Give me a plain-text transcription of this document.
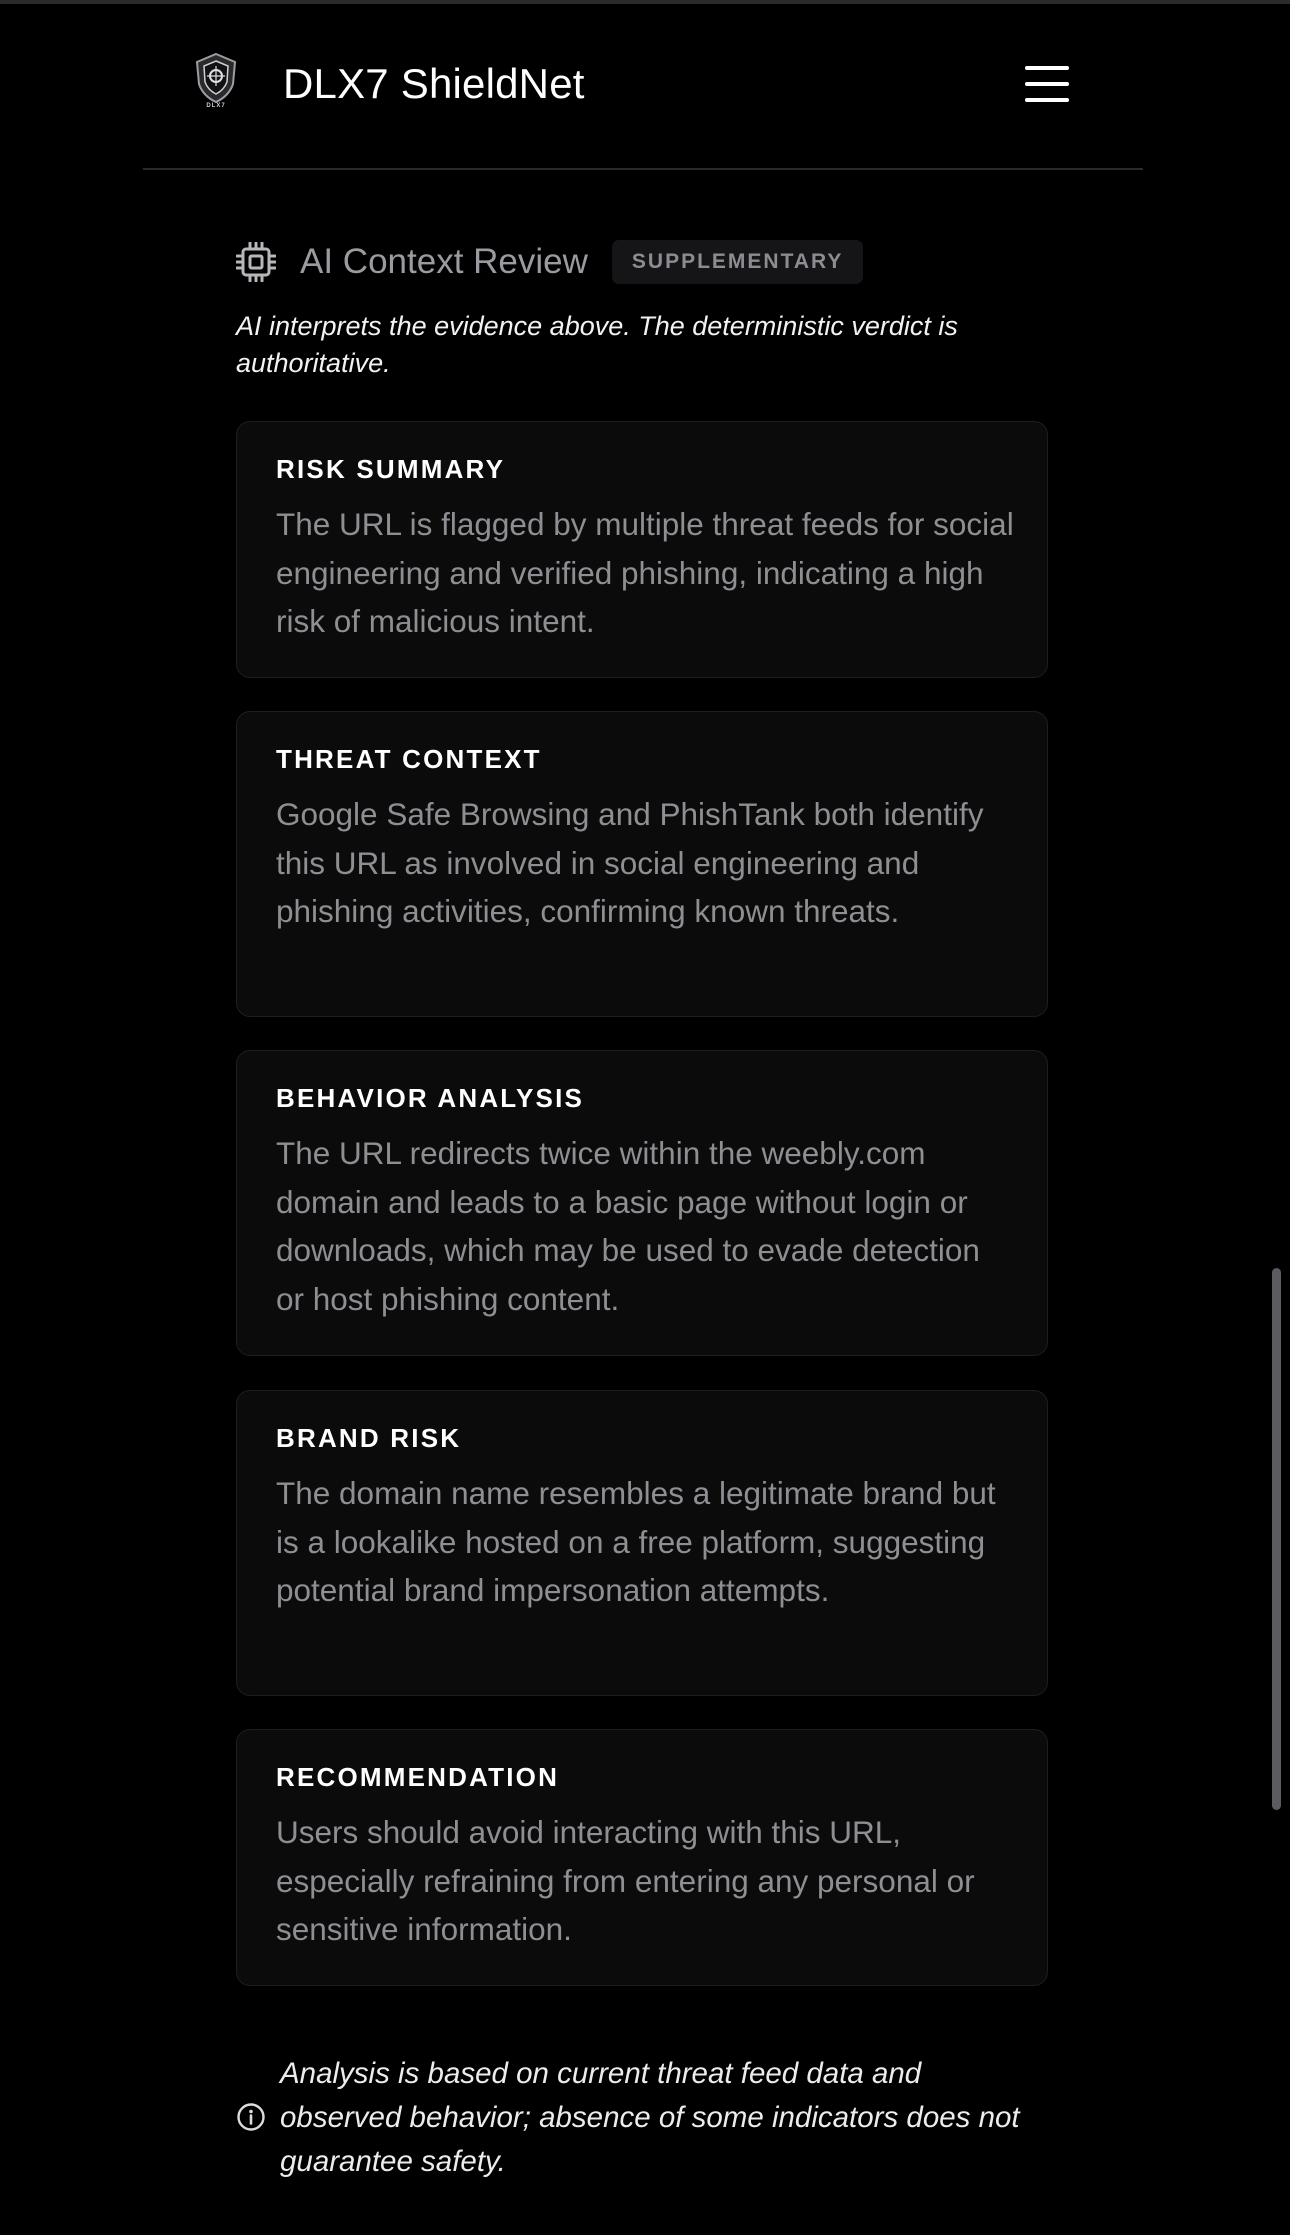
DLX7 DLX7 ShieldNet
AI Context Review	SUPPLEMENTARY

AI interprets the evidence above. The deterministic verdict is authoritative.

RISK SUMMARY

The URL is flagged by multiple threat feeds for social engineering and verified phishing, indicating a high risk of malicious intent.

THREAT CONTEXT

Google Safe Browsing and PhishTank both identify this URL as involved in social engineering and phishing activities, confirming known threats.

BEHAVIOR ANALYSIS

The URL redirects twice within the weebly.com domain and leads to a basic page without login or downloads, which may be used to evade detection or host phishing content.

BRAND RISK

The domain name resembles a legitimate brand but is a lookalike hosted on a free platform, suggesting potential brand impersonation attempts.

RECOMMENDATION

Users should avoid interacting with this URL, especially refraining from entering any personal or sensitive information.

Analysis is based on current threat feed data and observed behavior; absence of some indicators does not guarantee safety.
